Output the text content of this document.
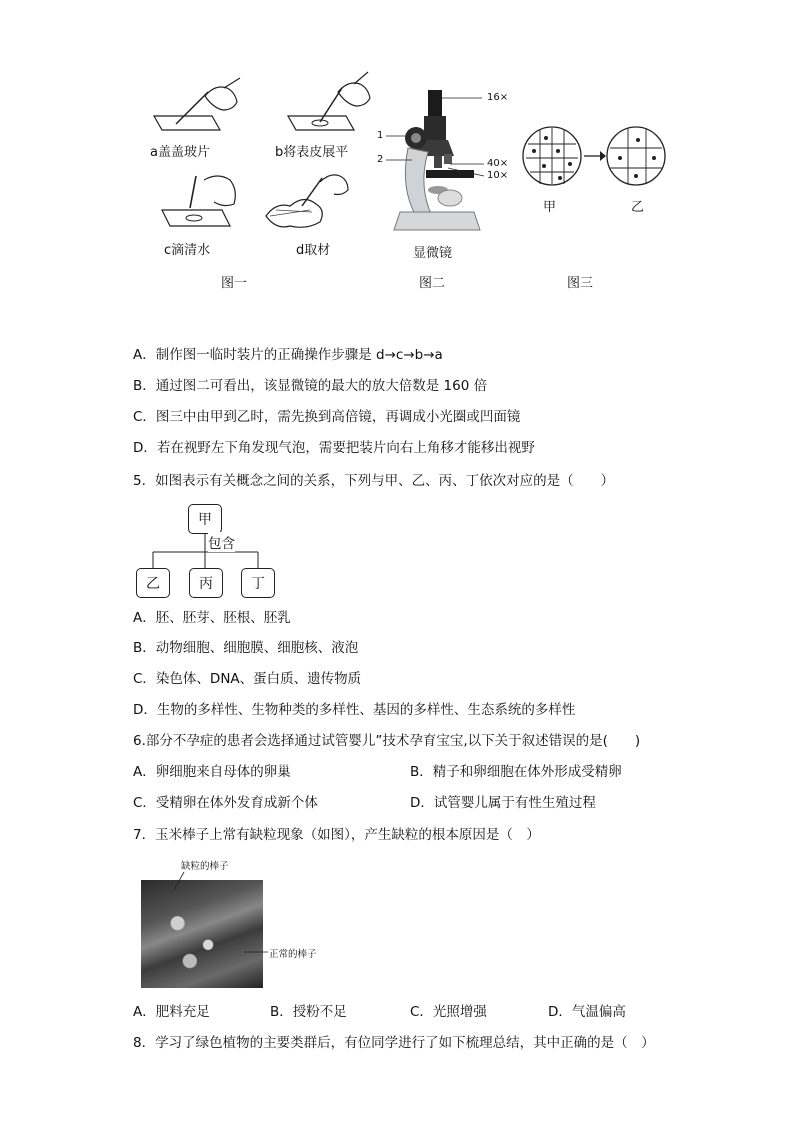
a盖盖玻片	b将表皮展平
c滴清水	d取材
图一
16×
1
2	40×
10×
显微镜
图二
甲	乙
图三
A．制作图一临时装片的正确操作步骤是 d→c→b→a
B．通过图二可看出，该显微镜的最大的放大倍数是 160 倍
C．图三中由甲到乙时，需先换到高倍镜，再调成小光圈或凹面镜
D．若在视野左下角发现气泡，需要把装片向右上角移才能移出视野
5．如图表示有关概念之间的关系，下列与甲、乙、丙、丁依次对应的是（　　）
甲
包含
乙	丙	丁
A．胚、胚芽、胚根、胚乳
B．动物细胞、细胞膜、细胞核、液泡
C．染色体、DNA、蛋白质、遗传物质
D．生物的多样性、生物种类的多样性、基因的多样性、生态系统的多样性
6.部分不孕症的患者会选择通过试管婴儿”技术孕育宝宝,以下关于叙述错误的是(　　)
A．卵细胞来自母体的卵巢	B．精子和卵细胞在体外形成受精卵
C．受精卵在体外发育成新个体	D．试管婴儿属于有性生殖过程
7．玉米棒子上常有缺粒现象（如图），产生缺粒的根本原因是（　）
缺粒的棒子
正常的棒子
A．肥料充足	B．授粉不足	C．光照增强	D．气温偏高
8．学习了绿色植物的主要类群后，有位同学进行了如下梳理总结，其中正确的是（　）
